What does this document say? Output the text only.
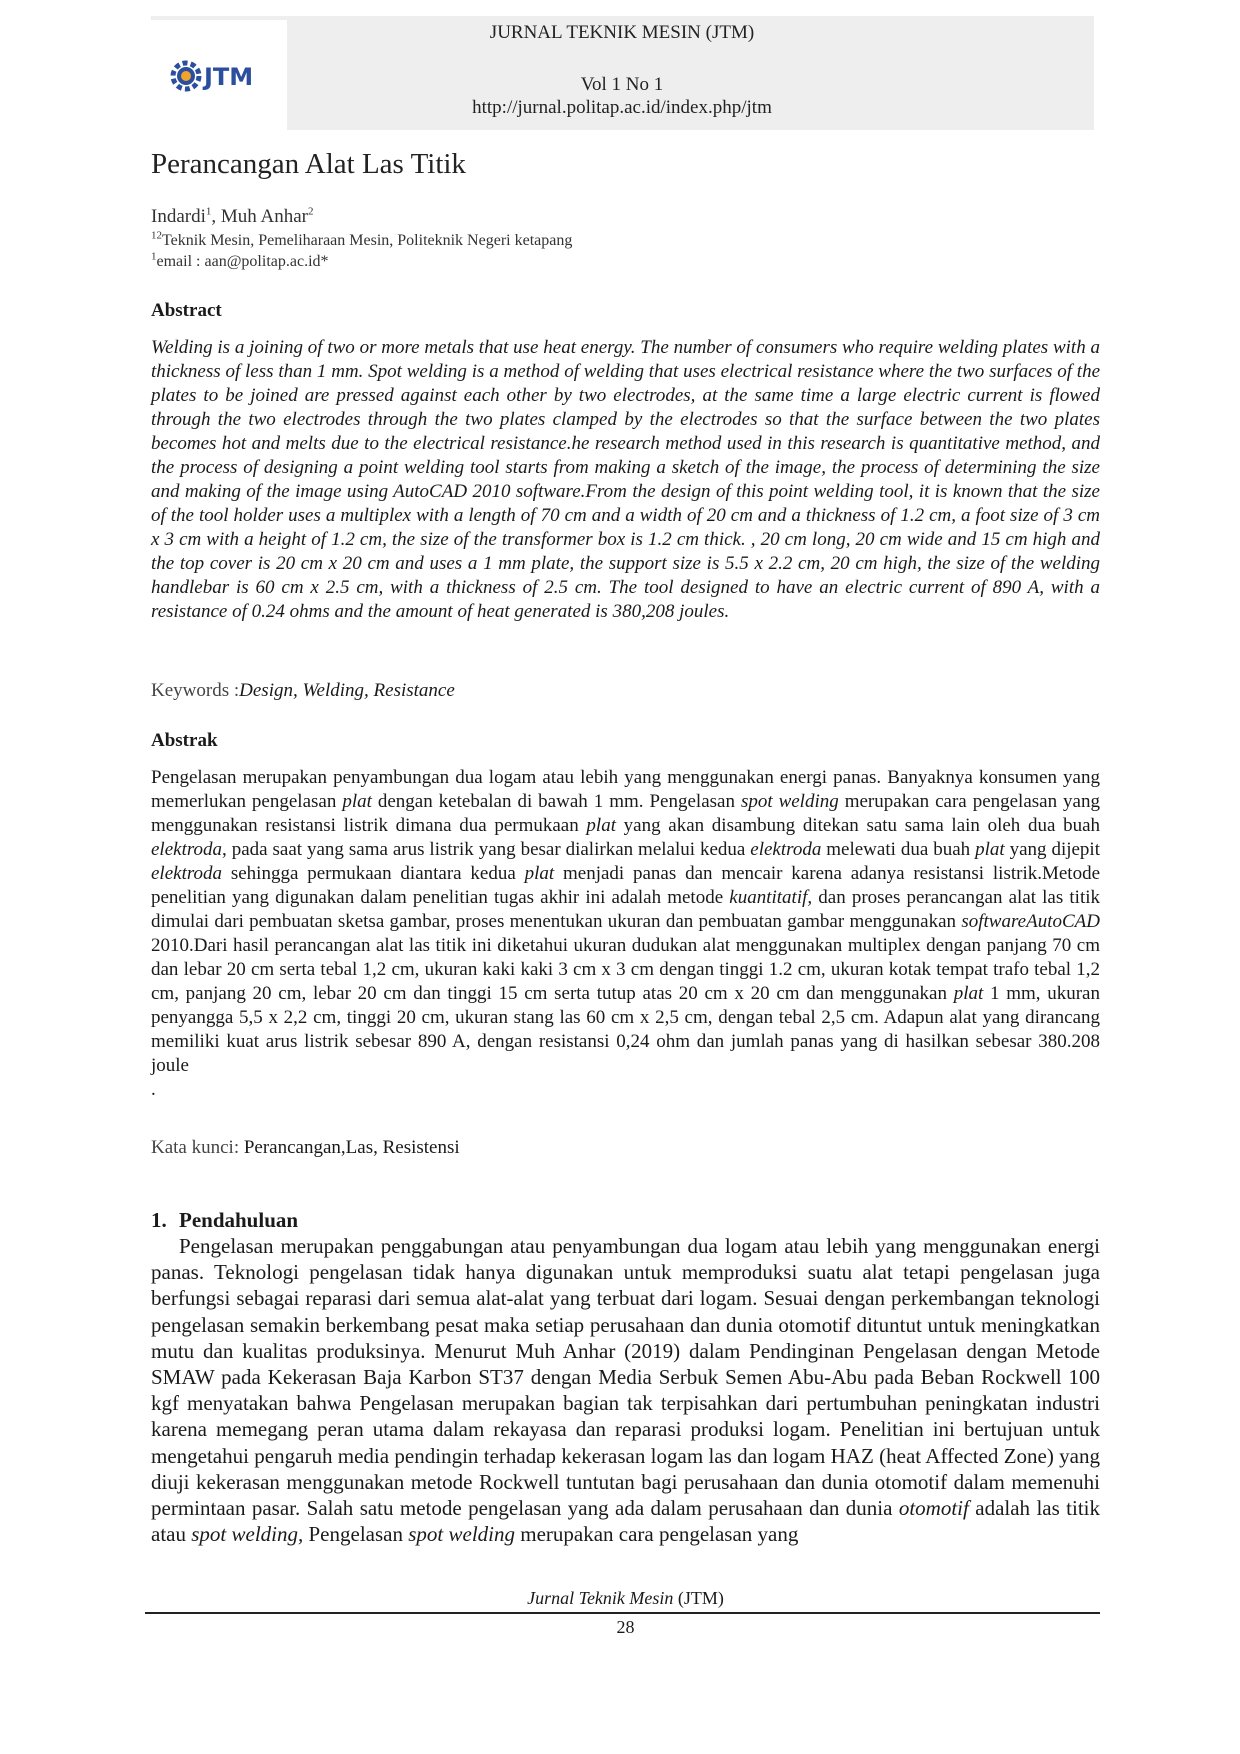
JTM
JURNAL TEKNIK MESIN (JTM)
Vol 1 No 1
http://jurnal.politap.ac.id/index.php/jtm
Perancangan Alat Las Titik
Indardi$^1$, Muh Anhar$^2$
$^{12}$Teknik Mesin, Pemeliharaan Mesin, Politeknik Negeri ketapang
$^1$email : aan@politap.ac.id*
Abstract
Welding is a joining of two or more metals that use heat energy. The number of consumers who require welding plates with a thickness of less than 1 mm. Spot welding is a method of welding that uses electrical resistance where the two surfaces of the plates to be joined are pressed against each other by two electrodes, at the same time a large electric current is flowed through the two electrodes through the two plates clamped by the electrodes so that the surface between the two plates becomes hot and melts due to the electrical resistance.he research method used in this research is quantitative method, and the process of designing a point welding tool starts from making a sketch of the image, the process of determining the size and making of the image using AutoCAD 2010 software.From the design of this point welding tool, it is known that the size of the tool holder uses a multiplex with a length of 70 cm and a width of 20 cm and a thickness of 1.2 cm, a foot size of 3 cm x 3 cm with a height of 1.2 cm, the size of the transformer box is 1.2 cm thick. , 20 cm long, 20 cm wide and 15 cm high and the top cover is 20 cm x 20 cm and uses a 1 mm plate, the support size is 5.5 x 2.2 cm, 20 cm high, the size of the welding handlebar is 60 cm x 2.5 cm, with a thickness of 2.5 cm. The tool designed to have an electric current of 890 A, with a resistance of 0.24 ohms and the amount of heat generated is 380,208 joules.
Keywords :Design, Welding, Resistance
Abstrak
Pengelasan merupakan penyambungan dua logam atau lebih yang menggunakan energi panas. Banyaknya konsumen yang memerlukan pengelasan plat dengan ketebalan di bawah 1 mm. Pengelasan spot welding merupakan cara pengelasan yang menggunakan resistansi listrik dimana dua permukaan plat yang akan disambung ditekan satu sama lain oleh dua buah elektroda, pada saat yang sama arus listrik yang besar dialirkan melalui kedua elektroda melewati dua buah plat yang dijepit elektroda sehingga permukaan diantara kedua plat menjadi panas dan mencair karena adanya resistansi listrik.Metode penelitian yang digunakan dalam penelitian tugas akhir ini adalah metode kuantitatif, dan proses perancangan alat las titik dimulai dari pembuatan sketsa gambar, proses menentukan ukuran dan pembuatan gambar menggunakan softwareAutoCAD 2010.Dari hasil perancangan alat las titik ini diketahui ukuran dudukan alat menggunakan multiplex dengan panjang 70 cm dan lebar 20 cm serta tebal 1,2 cm, ukuran kaki kaki 3 cm x 3 cm dengan tinggi 1.2 cm, ukuran kotak tempat trafo tebal 1,2 cm, panjang 20 cm, lebar 20 cm dan tinggi 15 cm serta tutup atas 20 cm x 20 cm dan menggunakan plat 1 mm, ukuran penyangga 5,5 x 2,2 cm, tinggi 20 cm, ukuran stang las 60 cm x 2,5 cm, dengan tebal 2,5 cm. Adapun alat yang dirancang memiliki kuat arus listrik sebesar 890 A, dengan resistansi 0,24 ohm dan jumlah panas yang di hasilkan sebesar 380.208 joule
.
Kata kunci: Perancangan,Las, Resistensi
1. Pendahuluan
Pengelasan merupakan penggabungan atau penyambungan dua logam atau lebih yang menggunakan energi panas. Teknologi pengelasan tidak hanya digunakan untuk memproduksi suatu alat tetapi pengelasan juga berfungsi sebagai reparasi dari semua alat-alat yang terbuat dari logam. Sesuai dengan perkembangan teknologi pengelasan semakin berkembang pesat maka setiap perusahaan dan dunia otomotif dituntut untuk meningkatkan mutu dan kualitas produksinya. Menurut Muh Anhar (2019) dalam Pendinginan Pengelasan dengan Metode SMAW pada Kekerasan Baja Karbon ST37 dengan Media Serbuk Semen Abu-Abu pada Beban Rockwell 100 kgf menyatakan bahwa Pengelasan merupakan bagian tak terpisahkan dari pertumbuhan peningkatan industri karena memegang peran utama dalam rekayasa dan reparasi produksi logam. Penelitian ini bertujuan untuk mengetahui pengaruh media pendingin terhadap kekerasan logam las dan logam HAZ (heat Affected Zone) yang diuji kekerasan menggunakan metode Rockwell tuntutan bagi perusahaan dan dunia otomotif dalam memenuhi permintaan pasar. Salah satu metode pengelasan yang ada dalam perusahaan dan dunia otomotif adalah las titik atau spot welding, Pengelasan spot welding merupakan cara pengelasan yang
Jurnal Teknik Mesin (JTM)
28
